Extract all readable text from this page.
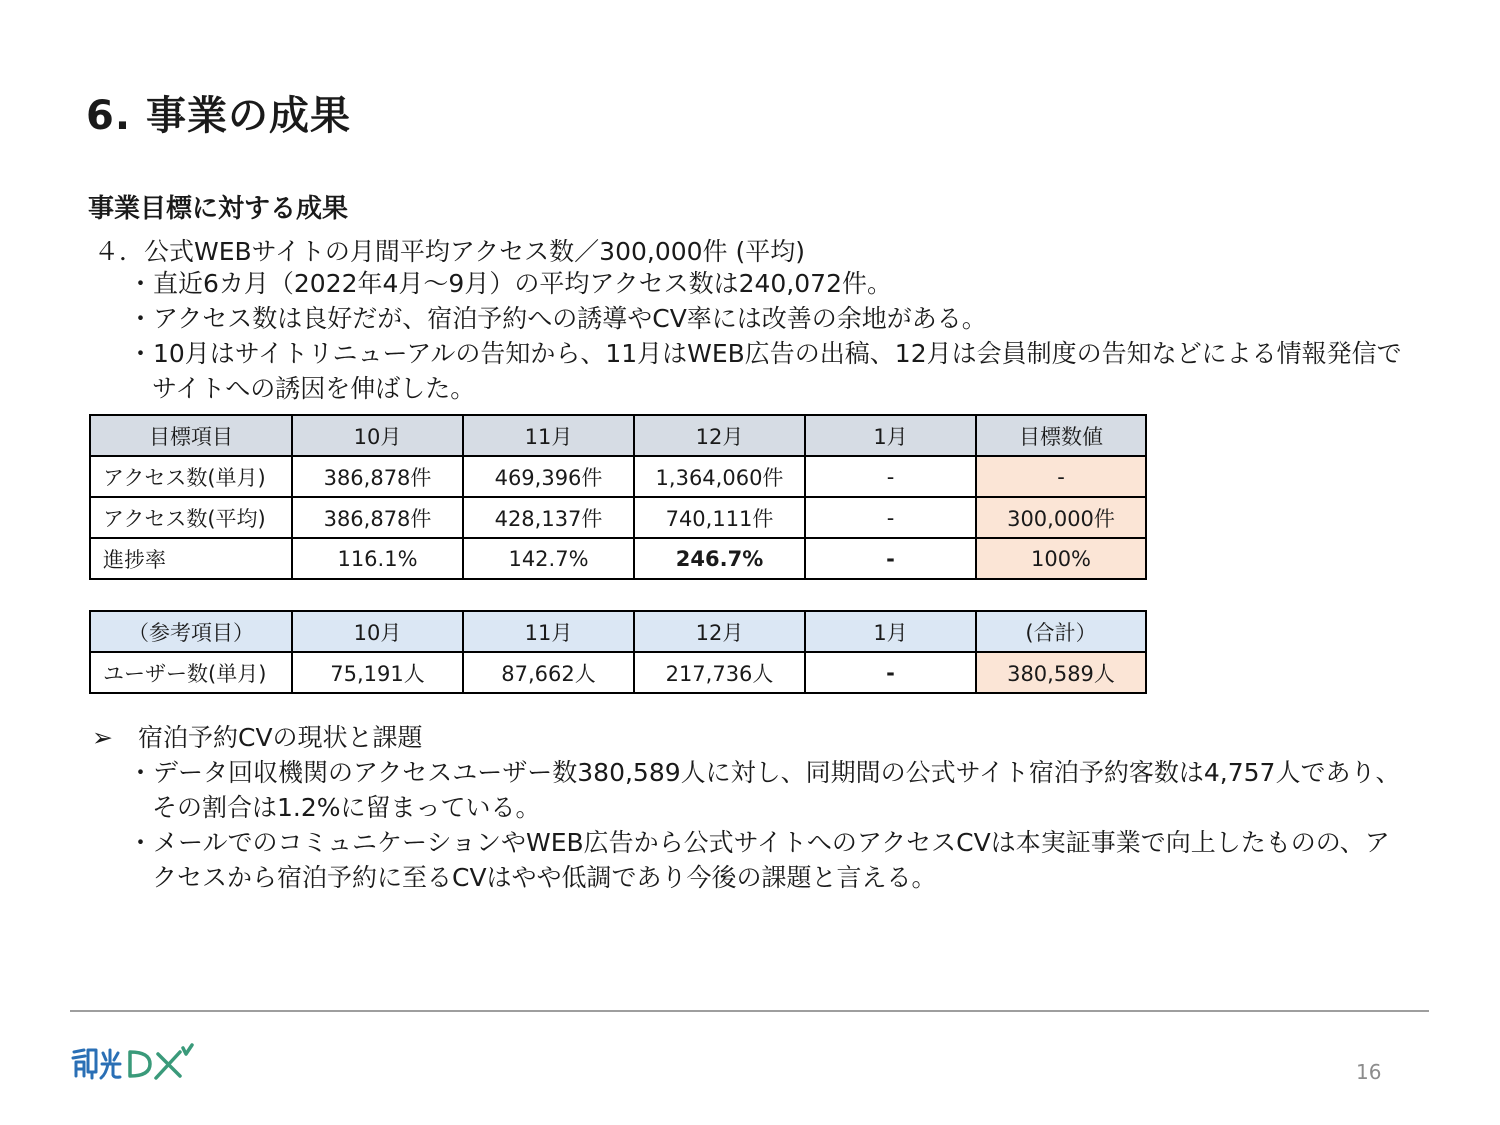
6. 事業の成果
事業目標に対する成果
４．公式WEBサイトの月間平均アクセス数／300,000件 (平均)
・直近6カ月（2022年4月～9月）の平均アクセス数は240,072件。
・アクセス数は良好だが、宿泊予約への誘導やCV率には改善の余地がある。
・10月はサイトリニューアルの告知から、11月はWEB広告の出稿、12月は会員制度の告知などによる情報発信でサイトへの誘因を伸ばした。
目標項目	10月	11月	12月	1月	目標数値
アクセス数(単月)	386,878件	469,396件	1,364,060件	-	-
アクセス数(平均)	386,878件	428,137件	740,111件	-	300,000件
進捗率	116.1%	142.7%	246.7%	-	100%
（参考項目）	10月	11月	12月	1月	(合計）
ユーザー数(単月)	75,191人	87,662人	217,736人	-	380,589人
➢ 宿泊予約CVの現状と課題
・データ回収機関のアクセスユーザー数380,589人に対し、同期間の公式サイト宿泊予約客数は4,757人であり、その割合は1.2%に留まっている。
・メールでのコミュニケーションやWEB広告から公式サイトへのアクセスCVは本実証事業で向上したものの、アクセスから宿泊予約に至るCVはやや低調であり今後の課題と言える。
16
